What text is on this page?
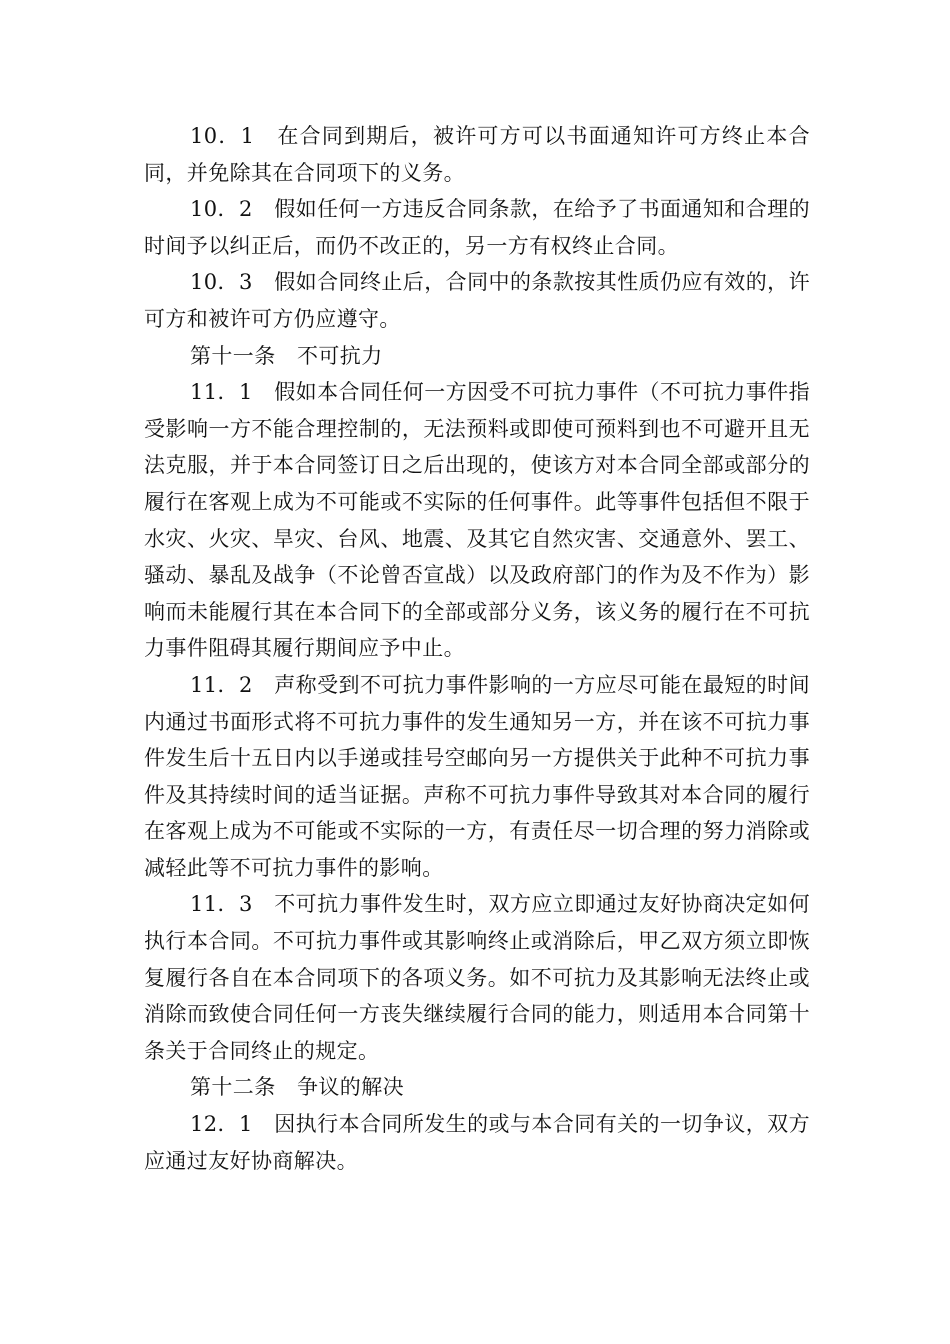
10．1　在合同到期后，被许可方可以书面通知许可方终止本合同，并免除其在合同项下的义务。

10．2　假如任何一方违反合同条款，在给予了书面通知和合理的时间予以纠正后，而仍不改正的，另一方有权终止合同。

10．3　假如合同终止后，合同中的条款按其性质仍应有效的，许可方和被许可方仍应遵守。

第十一条　不可抗力

11．1　假如本合同任何一方因受不可抗力事件（不可抗力事件指受影响一方不能合理控制的，无法预料或即使可预料到也不可避开且无法克服，并于本合同签订日之后出现的，使该方对本合同全部或部分的履行在客观上成为不可能或不实际的任何事件。此等事件包括但不限于水灾、火灾、旱灾、台风、地震、及其它自然灾害、交通意外、罢工、骚动、暴乱及战争（不论曾否宣战）以及政府部门的作为及不作为）影响而未能履行其在本合同下的全部或部分义务，该义务的履行在不可抗力事件阻碍其履行期间应予中止。

11．2　声称受到不可抗力事件影响的一方应尽可能在最短的时间内通过书面形式将不可抗力事件的发生通知另一方，并在该不可抗力事件发生后十五日内以手递或挂号空邮向另一方提供关于此种不可抗力事件及其持续时间的适当证据。声称不可抗力事件导致其对本合同的履行在客观上成为不可能或不实际的一方，有责任尽一切合理的努力消除或减轻此等不可抗力事件的影响。

11．3　不可抗力事件发生时，双方应立即通过友好协商决定如何执行本合同。不可抗力事件或其影响终止或消除后，甲乙双方须立即恢复履行各自在本合同项下的各项义务。如不可抗力及其影响无法终止或消除而致使合同任何一方丧失继续履行合同的能力，则适用本合同第十条关于合同终止的规定。

第十二条　争议的解决

12．1　因执行本合同所发生的或与本合同有关的一切争议，双方应通过友好协商解决。
